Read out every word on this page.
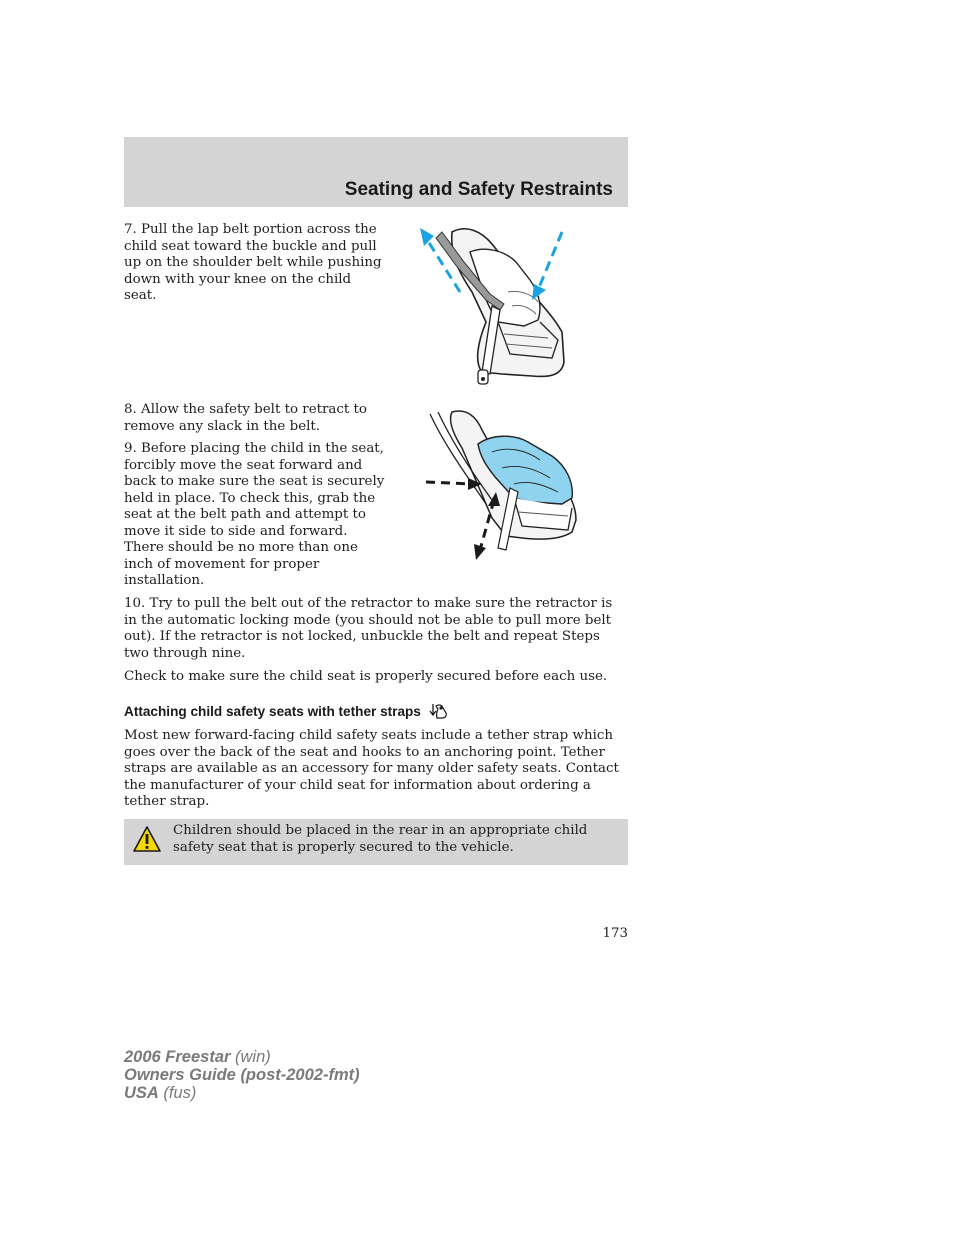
Seating and Safety Restraints

7. Pull the lap belt portion across the child seat toward the buckle and pull up on the shoulder belt while pushing down with your knee on the child seat.

8. Allow the safety belt to retract to remove any slack in the belt.

9. Before placing the child in the seat, forcibly move the seat forward and back to make sure the seat is securely held in place. To check this, grab the seat at the belt path and attempt to move it side to side and forward. There should be no more than one inch of movement for proper installation.

10. Try to pull the belt out of the retractor to make sure the retractor is in the automatic locking mode (you should not be able to pull more belt out). If the retractor is not locked, unbuckle the belt and repeat Steps two through nine.

Check to make sure the child seat is properly secured before each use.

Attaching child safety seats with tether straps

Most new forward-facing child safety seats include a tether strap which goes over the back of the seat and hooks to an anchoring point. Tether straps are available as an accessory for many older safety seats. Contact the manufacturer of your child seat for information about ordering a tether strap.

Children should be placed in the rear in an appropriate child safety seat that is properly secured to the vehicle.

173
2006 Freestar (win)
Owners Guide (post-2002-fmt)
USA (fus)
